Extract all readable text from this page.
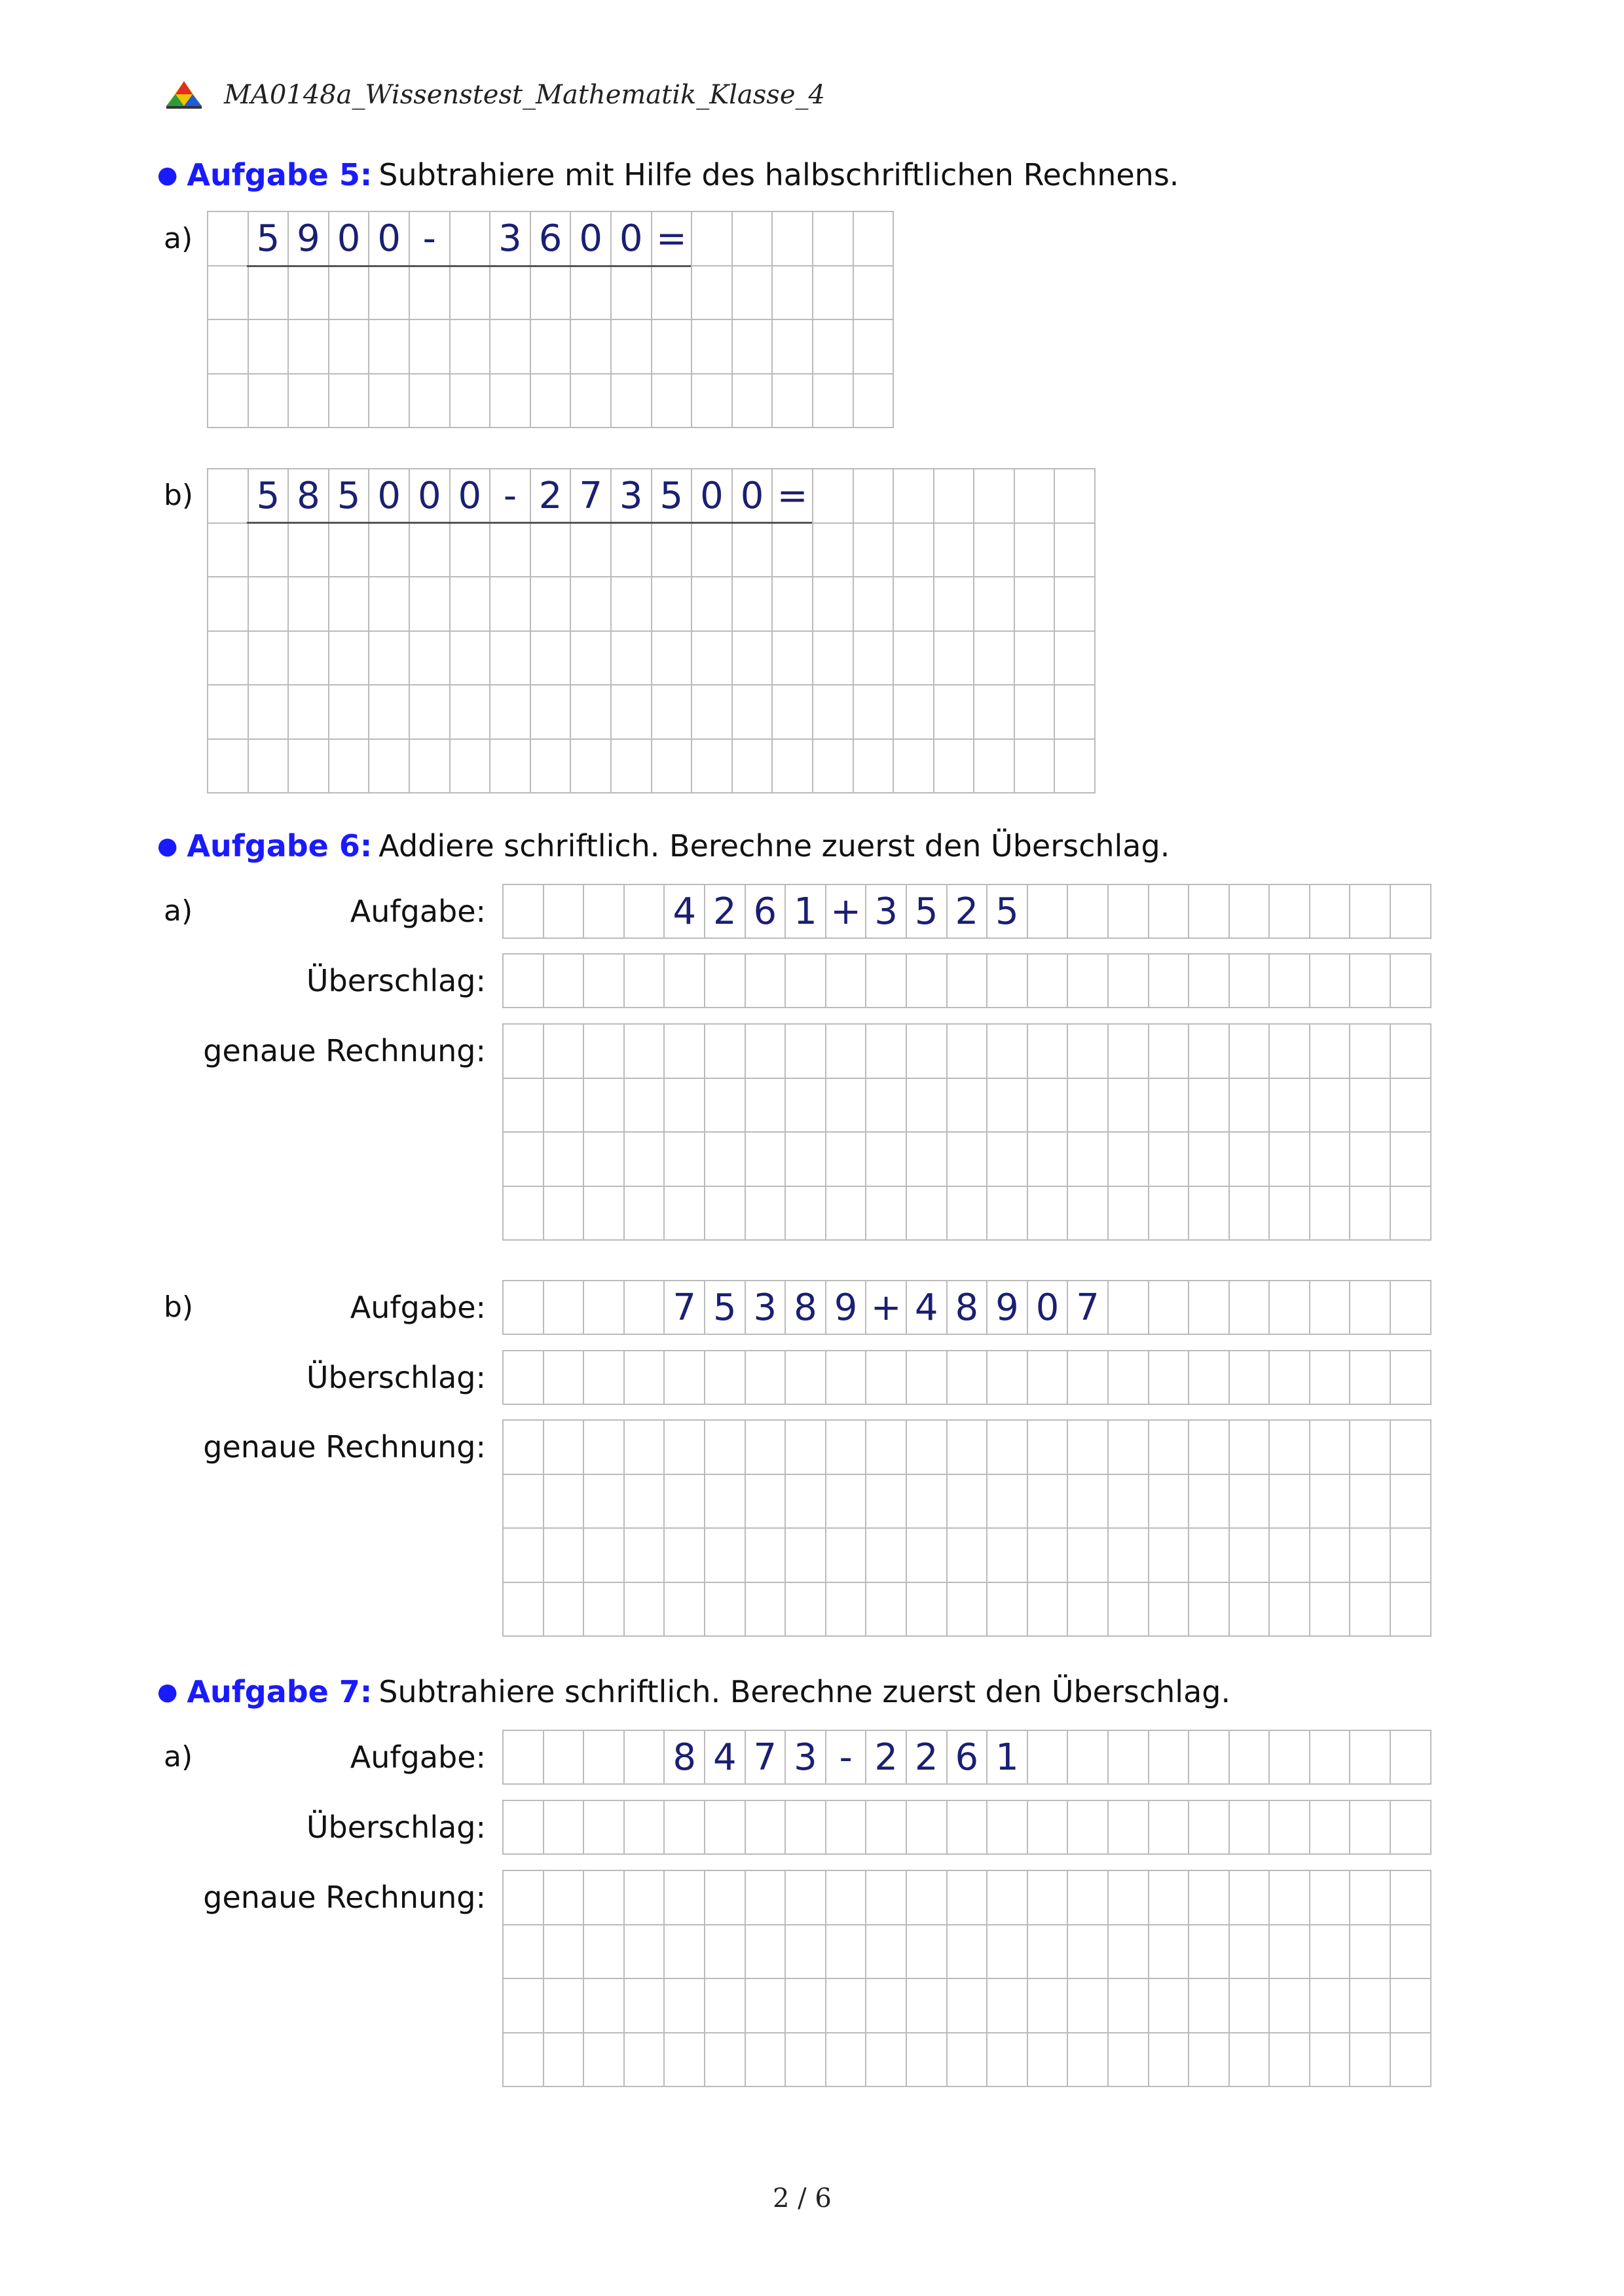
MA0148a_Wissenstest_Mathematik_Klasse_4
● Aufgabe 5: Subtrahiere mit Hilfe des halbschriftlichen Rechnens.
a) 5 9 0 0 -	3 6 0 0 =
b) 5 8 5 0 0 0 - 2 7 3 5 0 0 =
● Aufgabe 6: Addiere schriftlich. Berechne zuerst den Überschlag.
a)	Aufgabe:	4 2 6 1 + 3 5 2 5
Überschlag:
genaue Rechnung:
b)	Aufgabe:	7 5 3 8 9 + 4 8 9 0 7
Überschlag:
genaue Rechnung:
● Aufgabe 7: Subtrahiere schriftlich. Berechne zuerst den Überschlag.
a)	Aufgabe:	8 4 7 3 - 2 2 6 1
Überschlag:
genaue Rechnung:
2 / 6
